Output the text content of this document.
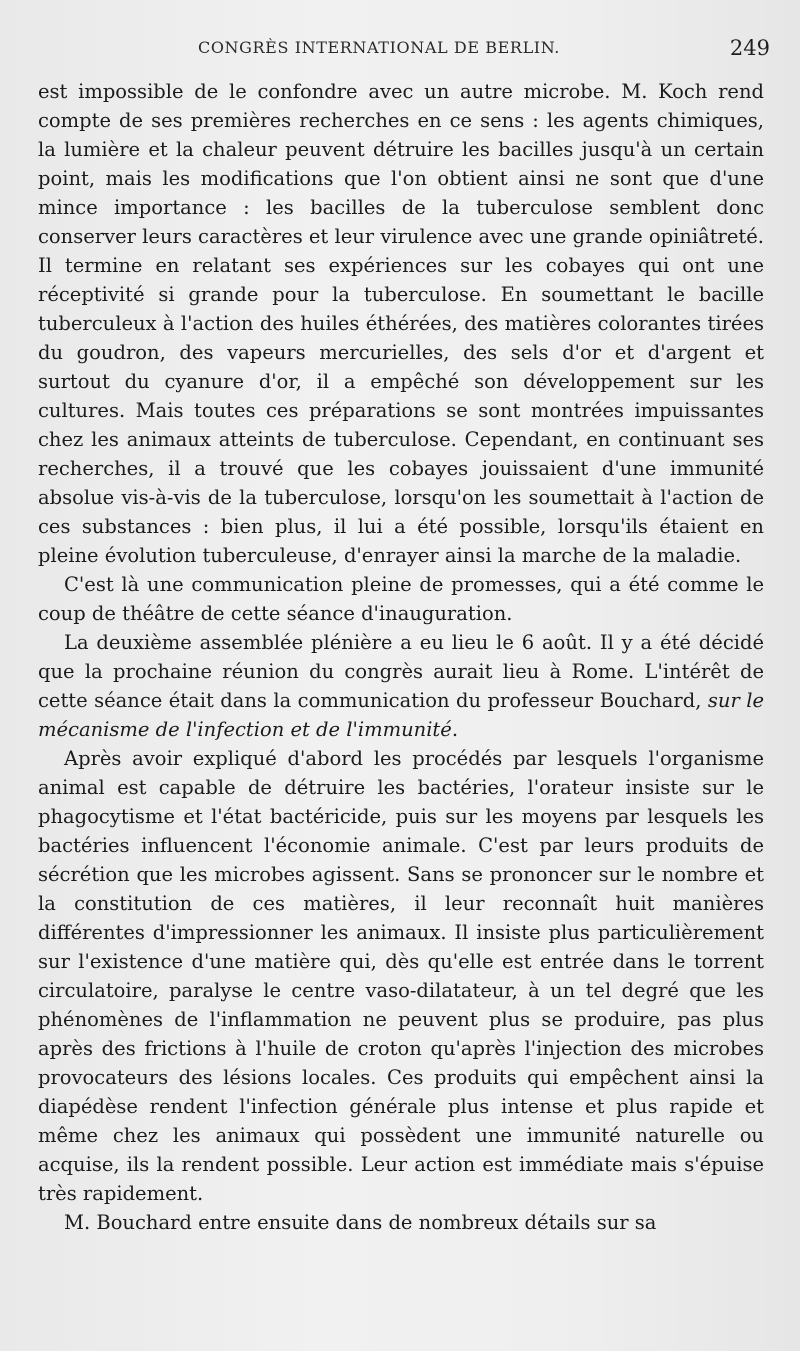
CONGRÈS INTERNATIONAL DE BERLIN.	249

est impossible de le confondre avec un autre microbe. M. Koch rend compte de ses premières recherches en ce sens : les agents chimiques, la lumière et la chaleur peuvent détruire les bacilles jusqu'à un certain point, mais les modifications que l'on obtient ainsi ne sont que d'une mince importance : les bacilles de la tuberculose semblent donc conserver leurs caractères et leur virulence avec une grande opiniâtreté. Il termine en relatant ses expériences sur les cobayes qui ont une réceptivité si grande pour la tuberculose. En soumettant le bacille tuberculeux à l'action des huiles éthérées, des matières colorantes tirées du goudron, des vapeurs mercurielles, des sels d'or et d'argent et surtout du cyanure d'or, il a empêché son développement sur les cultures. Mais toutes ces préparations se sont montrées impuissantes chez les animaux atteints de tuberculose. Cependant, en continuant ses recherches, il a trouvé que les cobayes jouissaient d'une immunité absolue vis-à-vis de la tuberculose, lorsqu'on les soumettait à l'action de ces substances : bien plus, il lui a été possible, lorsqu'ils étaient en pleine évolution tuberculeuse, d'enrayer ainsi la marche de la maladie.

C'est là une communication pleine de promesses, qui a été comme le coup de théâtre de cette séance d'inauguration.

La deuxième assemblée plénière a eu lieu le 6 août. Il y a été décidé que la prochaine réunion du congrès aurait lieu à Rome. L'intérêt de cette séance était dans la communication du professeur Bouchard, sur le mécanisme de l'infection et de l'immunité.

Après avoir expliqué d'abord les procédés par lesquels l'organisme animal est capable de détruire les bactéries, l'orateur insiste sur le phagocytisme et l'état bactéricide, puis sur les moyens par lesquels les bactéries influencent l'économie animale. C'est par leurs produits de sécrétion que les microbes agissent. Sans se prononcer sur le nombre et la constitution de ces matières, il leur reconnaît huit manières différentes d'impressionner les animaux. Il insiste plus particulièrement sur l'existence d'une matière qui, dès qu'elle est entrée dans le torrent circulatoire, paralyse le centre vaso-dilatateur, à un tel degré que les phénomènes de l'inflammation ne peuvent plus se produire, pas plus après des frictions à l'huile de croton qu'après l'injection des microbes provocateurs des lésions locales. Ces produits qui empêchent ainsi la diapédèse rendent l'infection générale plus intense et plus rapide et même chez les animaux qui possèdent une immunité naturelle ou acquise, ils la rendent possible. Leur action est immédiate mais s'épuise très rapidement.

M. Bouchard entre ensuite dans de nombreux détails sur sa
